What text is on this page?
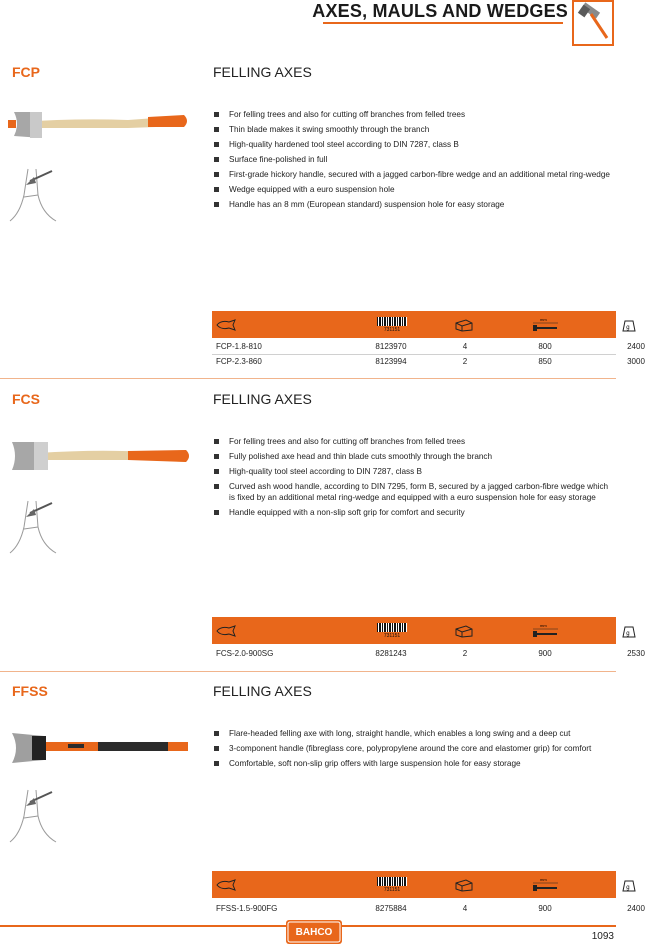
AXES, MAULS AND WEDGES
FCP	FELLING AXES
For felling trees and also for cutting off branches from felled trees
Thin blade makes it swing smoothly through the branch
High-quality hardened tool steel according to DIN 7287, class B
Surface fine-polished in full
First-grade hickory handle, secured with a jagged carbon-fibre wedge and an additional metal ring-wedge
Wedge equipped with a euro suspension hole
Handle has an 8 mm (European standard) suspension hole for easy storage
731151
mm
g
FCP-1.8-810	8123970	4	800	2400
FCP-2.3-860	8123994	2	850	3000
FCS	FELLING AXES
For felling trees and also for cutting off branches from felled trees
Fully polished axe head and thin blade cuts smoothly through the branch
High-quality tool steel according to DIN 7287, class B
Curved ash wood handle, according to DIN 7295, form B, secured by a jagged carbon-fibre wedge which is fixed by an additional metal ring-wedge and equipped with a euro suspension hole for easy storage
Handle equipped with a non-slip soft grip for comfort and security
731151
mm
g
FCS-2.0-900SG	8281243	2	900	2530
FFSS	FELLING AXES
Flare-headed felling axe with long, straight handle, which enables a long swing and a deep cut
3-component handle (fibreglass core, polypropylene around the core and elastomer grip) for comfort
Comfortable, soft non-slip grip offers with large suspension hole for easy storage
731151
mm
g
FFSS-1.5-900FG	8275884	4	900	2400
BAHCO	1093
